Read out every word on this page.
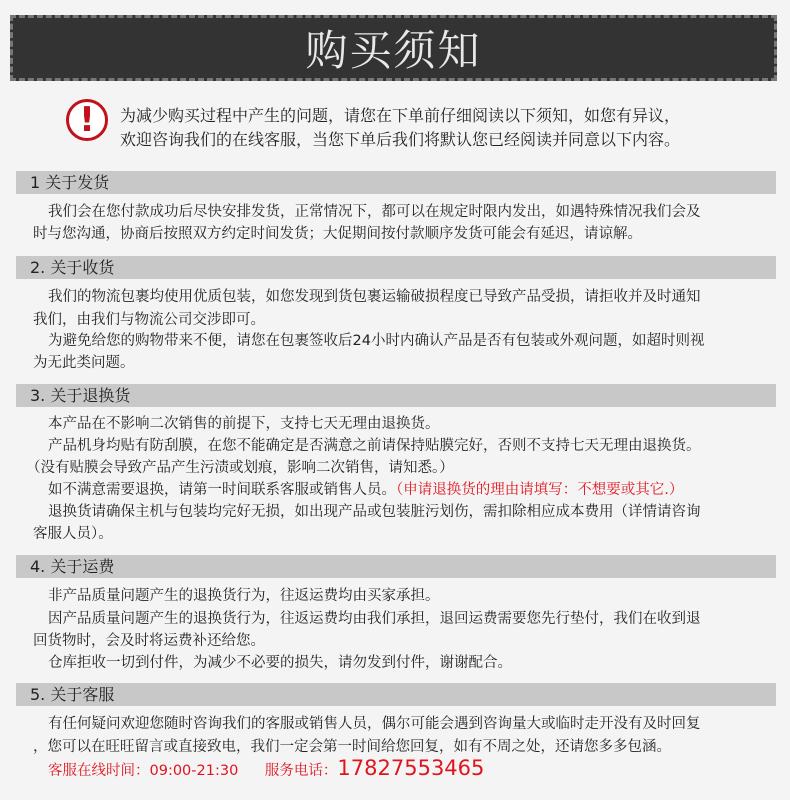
购买须知
!	为减少购买过程中产生的问题，请您在下单前仔细阅读以下须知，如您有异议，
欢迎咨询我们的在线客服，当您下单后我们将默认您已经阅读并同意以下内容。
1 关于发货
我们会在您付款成功后尽快安排发货，正常情况下，都可以在规定时限内发出，如遇特殊情况我们会及
时与您沟通，协商后按照双方约定时间发货；大促期间按付款顺序发货可能会有延迟，请谅解。
2. 关于收货
我们的物流包裹均使用优质包装，如您发现到货包裹运输破损程度已导致产品受损，请拒收并及时通知
我们，由我们与物流公司交涉即可。
为避免给您的购物带来不便，请您在包裹签收后24小时内确认产品是否有包装或外观问题，如超时则视
为无此类问题。
3. 关于退换货
本产品在不影响二次销售的前提下，支持七天无理由退换货。
产品机身均贴有防刮膜，在您不能确定是否满意之前请保持贴膜完好，否则不支持七天无理由退换货。
（没有贴膜会导致产品产生污渍或划痕，影响二次销售，请知悉。）
如不满意需要退换，请第一时间联系客服或销售人员。（申请退换货的理由请填写：不想要或其它.）
退换货请确保主机与包装均完好无损，如出现产品或包装脏污划伤，需扣除相应成本费用（详情请咨询
客服人员）。
4. 关于运费
非产品质量问题产生的退换货行为，往返运费均由买家承担。
因产品质量问题产生的退换货行为，往返运费均由我们承担，退回运费需要您先行垫付，我们在收到退
回货物时，会及时将运费补还给您。
仓库拒收一切到付件，为减少不必要的损失，请勿发到付件，谢谢配合。
5. 关于客服
有任何疑问欢迎您随时咨询我们的客服或销售人员，偶尔可能会遇到咨询量大或临时走开没有及时回复
，您可以在旺旺留言或直接致电，我们一定会第一时间给您回复，如有不周之处，还请您多多包涵。
客服在线时间：09:00-21:30 服务电话：17827553465
